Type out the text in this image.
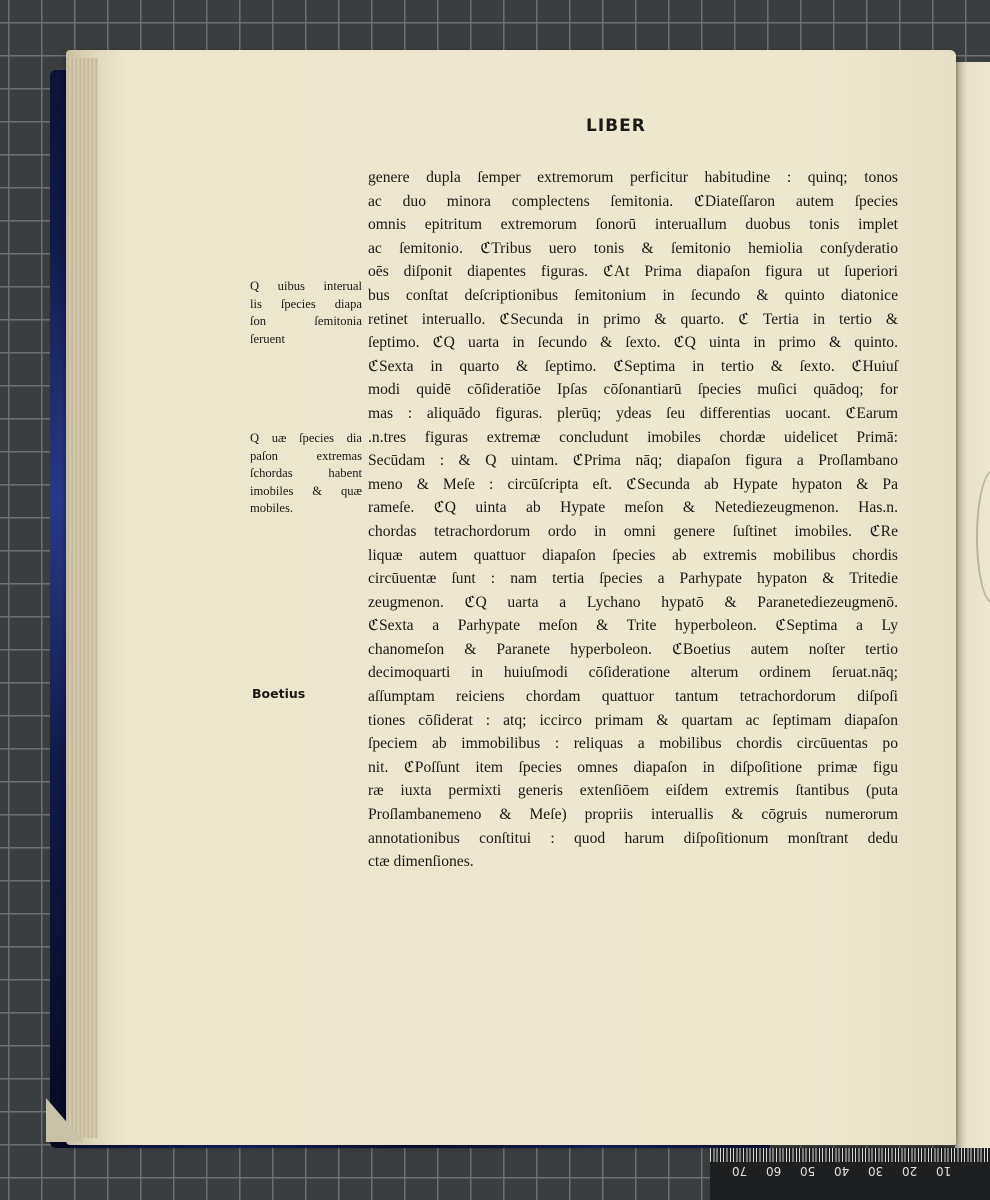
LIBER
Q uibus interual
lis ſpecies diapa
ſon ſemitonia
ſeruent
Q uæ ſpecies dia
paſon extremas
ſchordas habent
imobiles & quæ
mobiles.
Boetius
genere dupla ſemper extremorum perficitur habitudine : quinq; tonos
ac duo minora complectens ſemitonia. ℭDiateſſaron autem ſpecies
omnis epitritum extremorum ſonorū interuallum duobus tonis implet
ac ſemitonio. ℭTribus uero tonis & ſemitonio hemiolia conſyderatio
oēs diſponit diapentes figuras. ℭAt Prima diapaſon figura ut ſuperiori
bus conſtat deſcriptionibus ſemitonium in ſecundo & quinto diatonice
retinet interuallo. ℭSecunda in primo & quarto. ℭ Tertia in tertio &
ſeptimo. ℭQ uarta in ſecundo & ſexto. ℭQ uinta in primo & quinto.
ℭSexta in quarto & ſeptimo. ℭSeptima in tertio & ſexto. ℭHuiuſ
modi quidē cōſideratiōe Ipſas cōſonantiarū ſpecies muſici quādoq; for
mas : aliquādo figuras. plerūq; ydeas ſeu differentias uocant. ℭEarum
.n.tres figuras extremæ concludunt imobiles chordæ uidelicet Primā:
Secūdam : & Q uintam. ℭPrima nāq; diapaſon figura a Proſlambano
meno & Meſe : circūſcripta eſt. ℭSecunda ab Hypate hypaton & Pa
rameſe. ℭQ uinta ab Hypate meſon & Netediezeugmenon. Has.n.
chordas tetrachordorum ordo in omni genere ſuſtinet imobiles. ℭRe
liquæ autem quattuor diapaſon ſpecies ab extremis mobilibus chordis
circūuentæ ſunt : nam tertia ſpecies a Parhypate hypaton & Tritedie
zeugmenon. ℭQ uarta a Lychano hypatō & Paranetediezeugmenō.
ℭSexta a Parhypate meſon & Trite hyperboleon. ℭSeptima a Ly
chanomeſon & Paranete hyperboleon. ℭBoetius autem noſter tertio
decimoquarti in huiuſmodi cōſideratione alterum ordinem ſeruat.nāq;
aſſumptam reiciens chordam quattuor tantum tetrachordorum diſpoſi
tiones cōſiderat : atq; iccirco primam & quartam ac ſeptimam diapaſon
ſpeciem ab immobilibus : reliquas a mobilibus chordis circūuentas po
nit. ℭPoſſunt item ſpecies omnes diapaſon in diſpoſitione primæ figu
ræ iuxta permixti generis extenſiōem eiſdem extremis ſtantibus (puta
Proſlambanemeno & Meſe) propriis interuallis & cōgruis numerorum
annotationibus conſtitui : quod harum diſpoſitionum monſtrant dedu
ctæ dimenſiones.
70 60 50 40 30 20 10
